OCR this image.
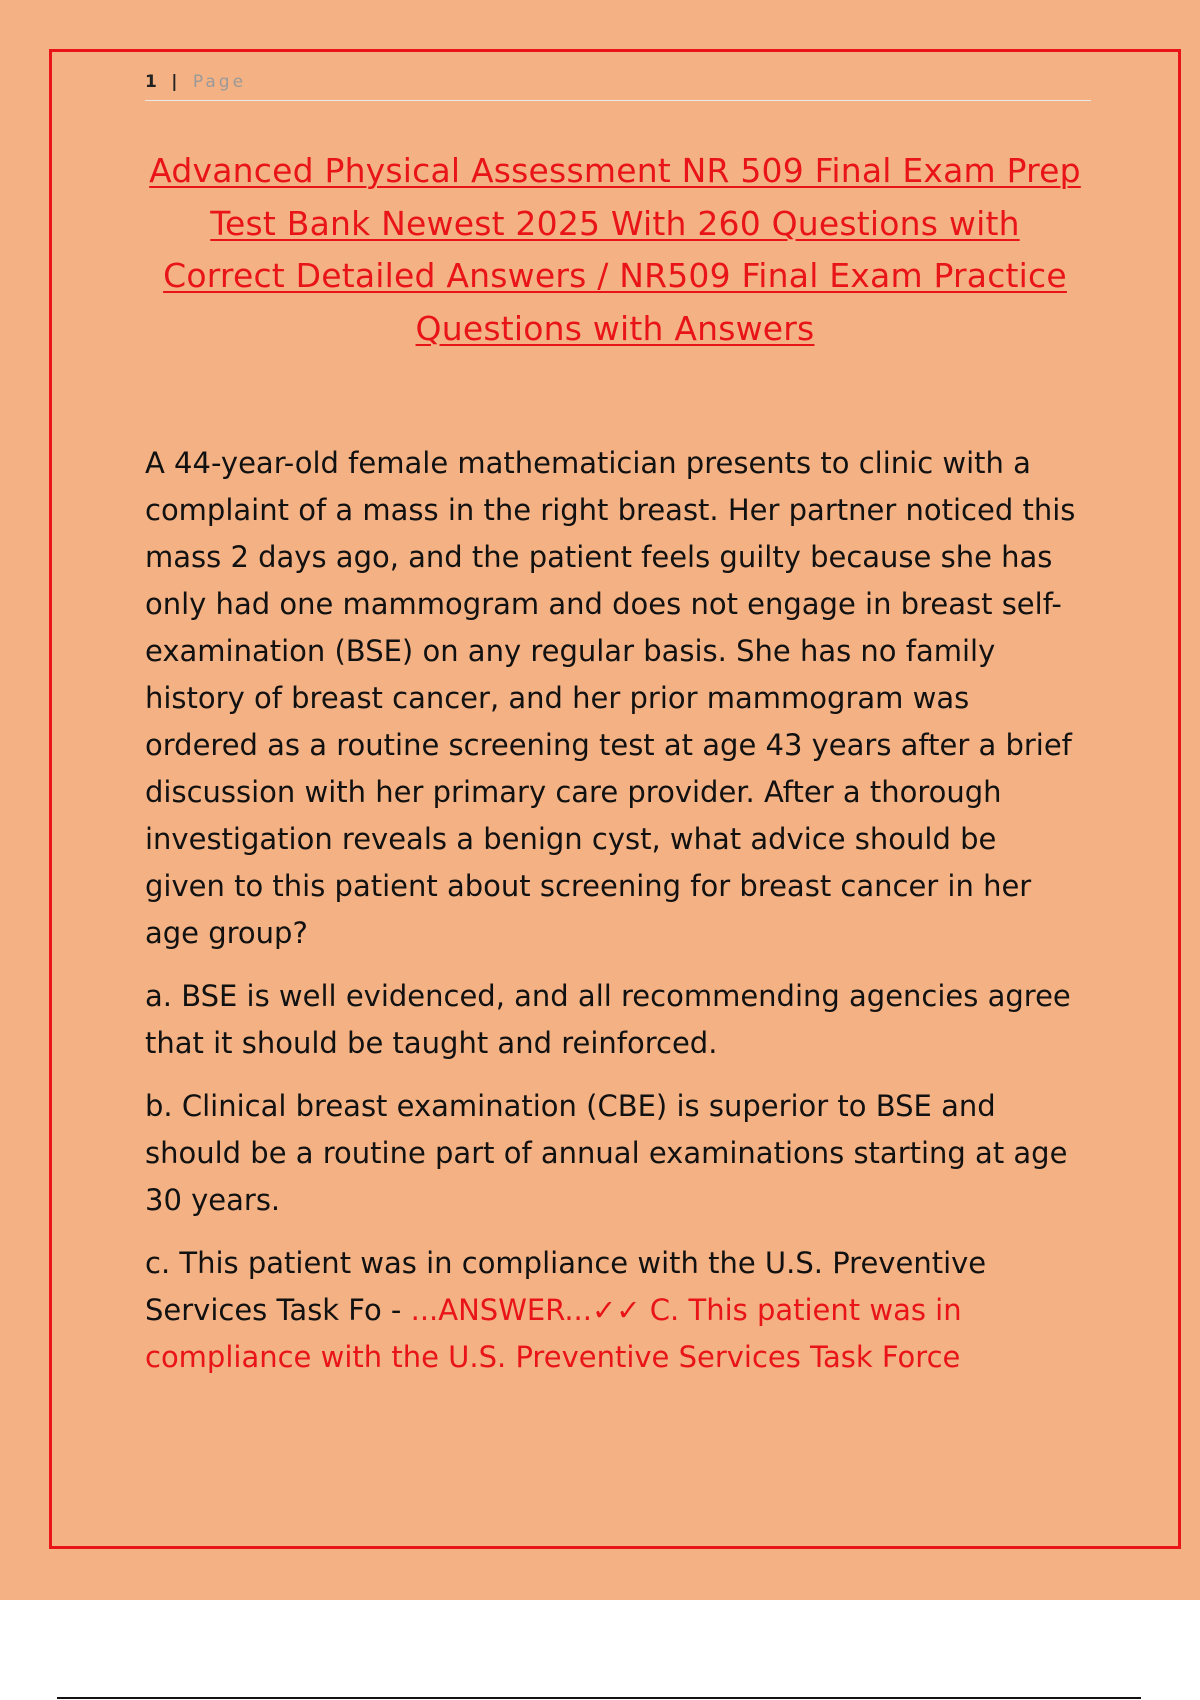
1 | Page
Advanced Physical Assessment NR 509 Final Exam Prep Test Bank Newest 2025 With 260 Questions with Correct Detailed Answers / NR509 Final Exam Practice Questions with Answers

A 44-year-old female mathematician presents to clinic with a complaint of a mass in the right breast. Her partner noticed this mass 2 days ago, and the patient feels guilty because she has only had one mammogram and does not engage in breast self-examination (BSE) on any regular basis. She has no family history of breast cancer, and her prior mammogram was ordered as a routine screening test at age 43 years after a brief discussion with her primary care provider. After a thorough investigation reveals a benign cyst, what advice should be given to this patient about screening for breast cancer in her age group?

a. BSE is well evidenced, and all recommending agencies agree that it should be taught and reinforced.

b. Clinical breast examination (CBE) is superior to BSE and should be a routine part of annual examinations starting at age 30 years.

c. This patient was in compliance with the U.S. Preventive Services Task Fo - ...ANSWER...✓✓ C. This patient was in compliance with the U.S. Preventive Services Task Force
